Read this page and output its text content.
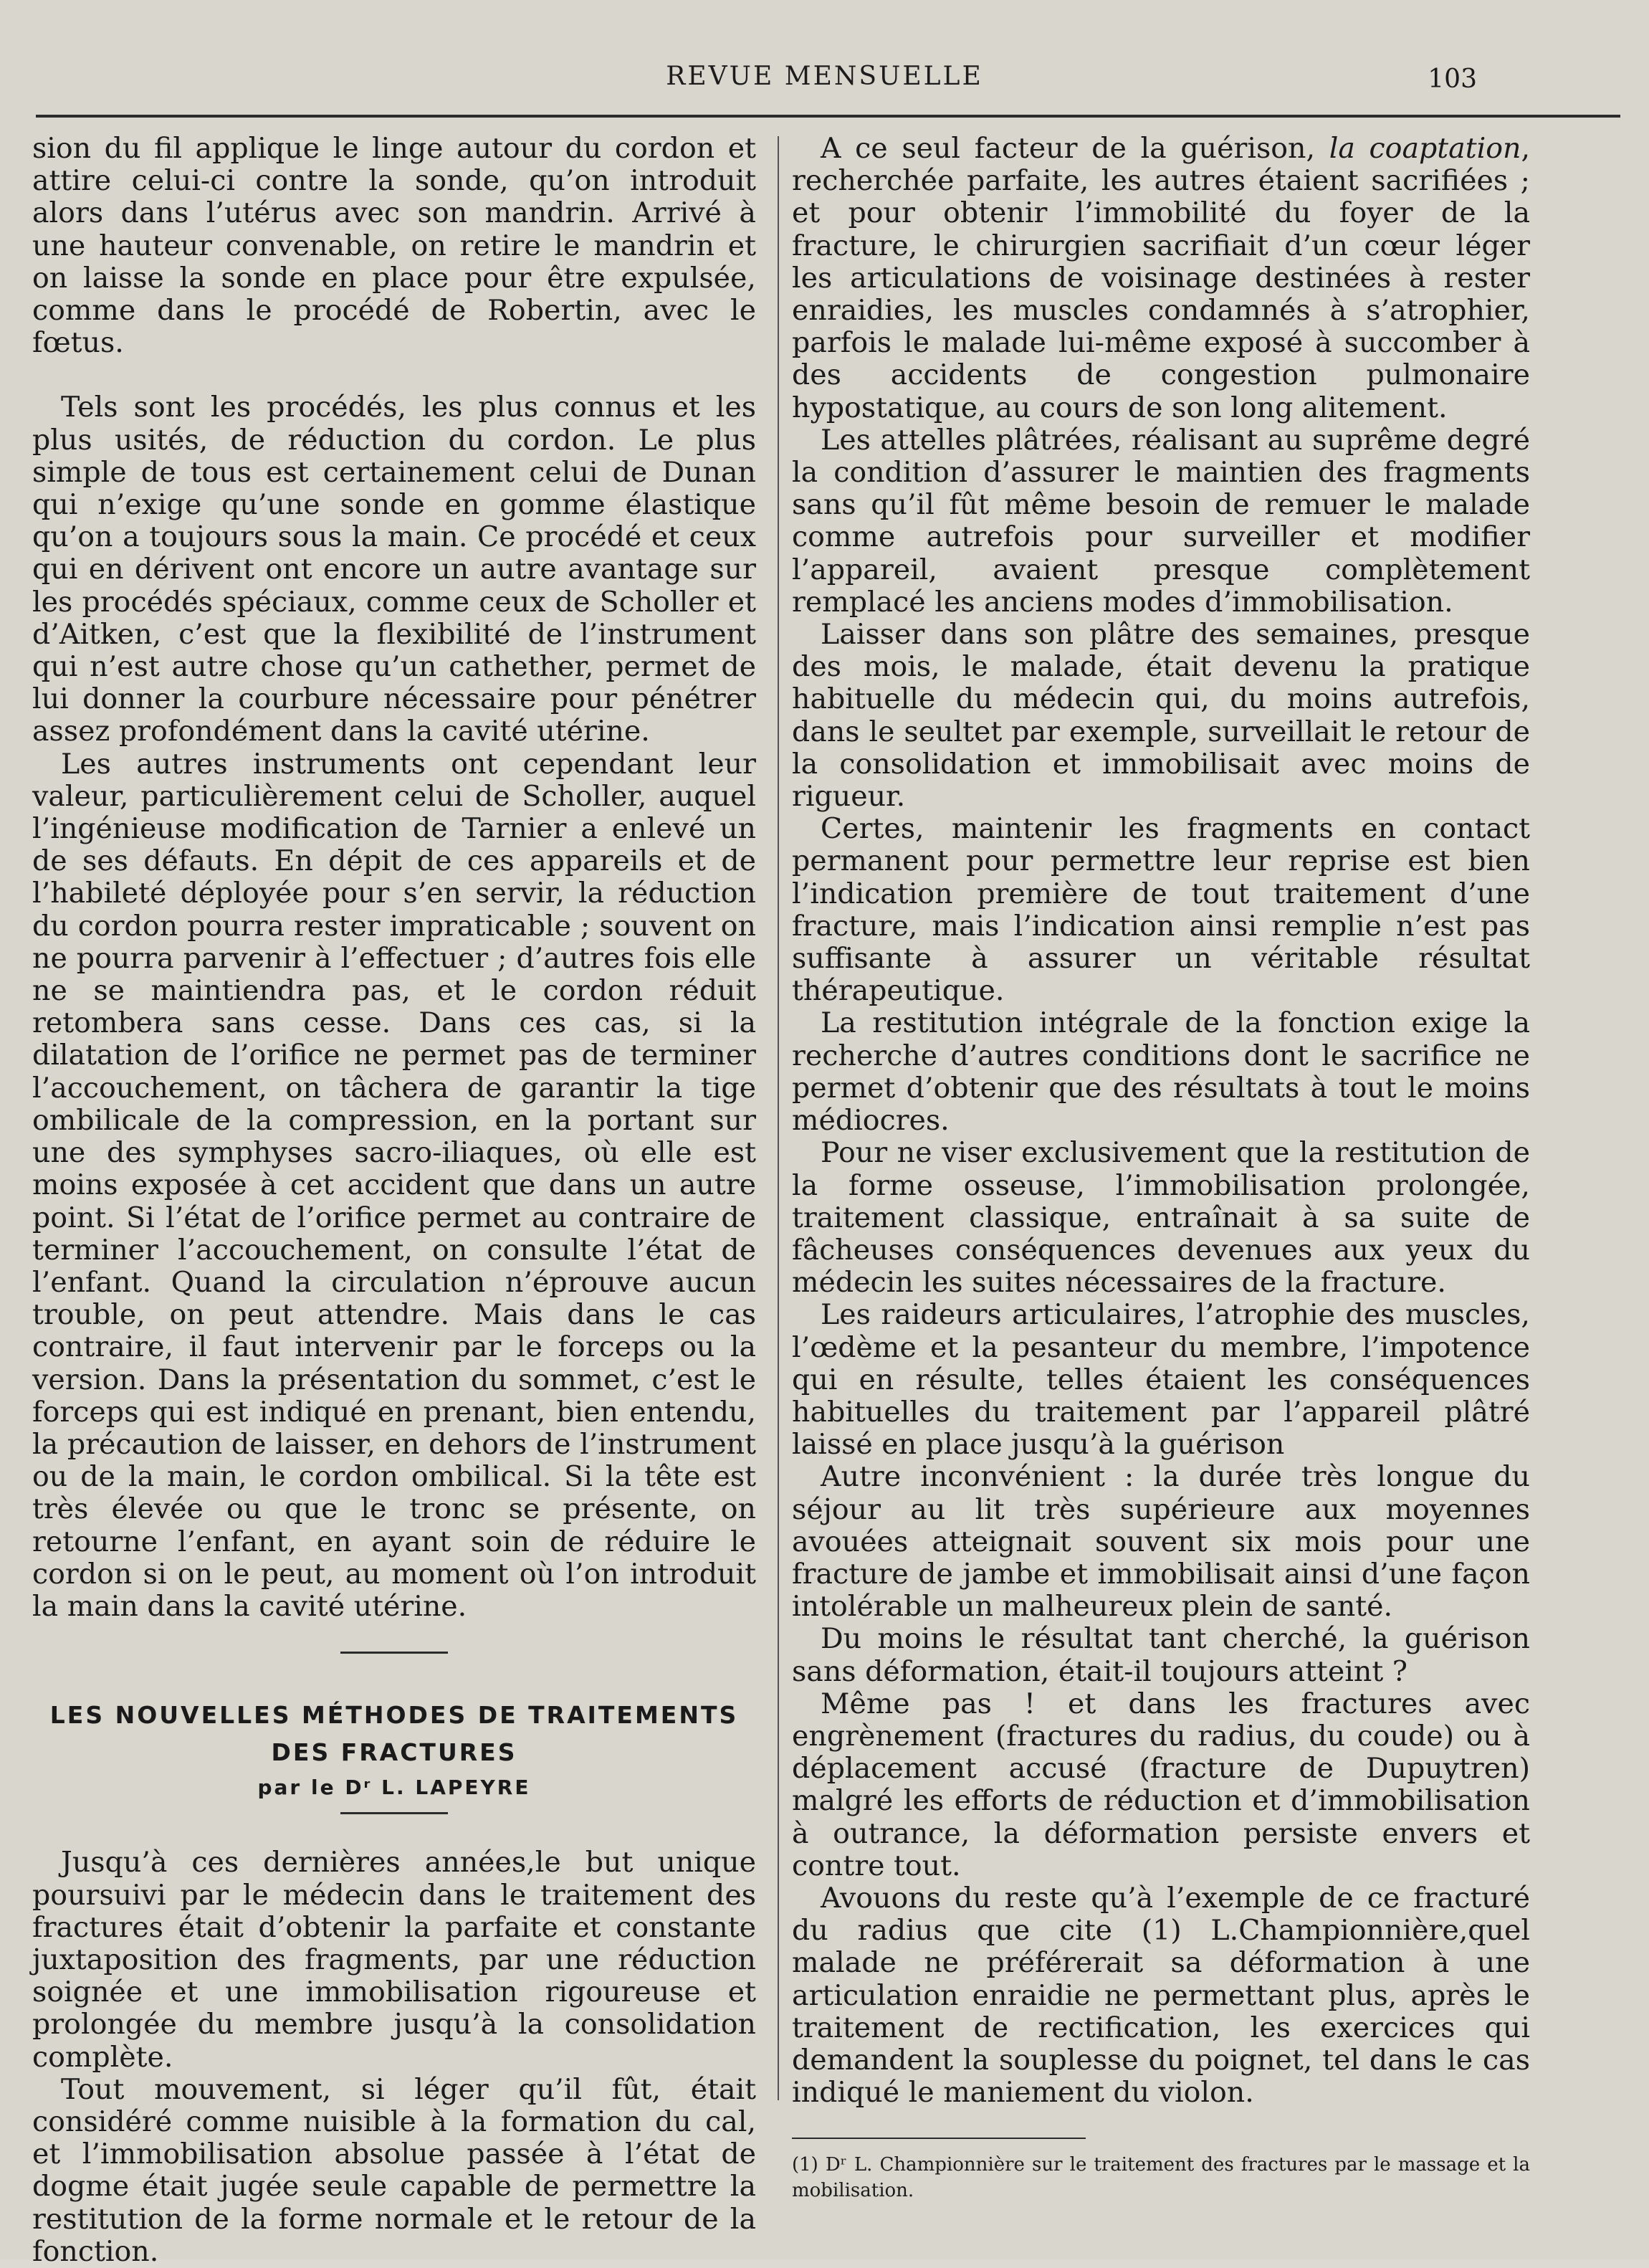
REVUE MENSUELLE	103

sion du fil applique le linge autour du cordon et attire celui-ci contre la sonde, qu’on introduit alors dans l’utérus avec son mandrin. Arrivé à une hauteur convenable, on retire le mandrin et on laisse la sonde en place pour être expulsée, comme dans le procédé de Robertin, avec le fœtus.

Tels sont les procédés, les plus connus et les plus usités, de réduction du cordon. Le plus simple de tous est certainement celui de Dunan qui n’exige qu’une sonde en gomme élastique qu’on a toujours sous la main. Ce procédé et ceux qui en dérivent ont encore un autre avantage sur les procédés spéciaux, comme ceux de Scholler et d’Aitken, c’est que la flexibilité de l’instrument qui n’est autre chose qu’un cathether, permet de lui donner la courbure nécessaire pour pénétrer assez profondément dans la cavité utérine.

Les autres instruments ont cependant leur valeur, particulièrement celui de Scholler, auquel l’ingénieuse modification de Tarnier a enlevé un de ses défauts. En dépit de ces appareils et de l’habileté déployée pour s’en servir, la réduction du cordon pourra rester impraticable ; souvent on ne pourra parvenir à l’effectuer ; d’autres fois elle ne se maintiendra pas, et le cordon réduit retombera sans cesse. Dans ces cas, si la dilatation de l’orifice ne permet pas de terminer l’accouchement, on tâchera de garantir la tige ombilicale de la compression, en la portant sur une des symphyses sacro-iliaques, où elle est moins exposée à cet accident que dans un autre point. Si l’état de l’orifice permet au contraire de terminer l’accouchement, on consulte l’état de l’enfant. Quand la circulation n’éprouve aucun trouble, on peut attendre. Mais dans le cas contraire, il faut intervenir par le forceps ou la version. Dans la présentation du sommet, c’est le forceps qui est indiqué en prenant, bien entendu, la précaution de laisser, en dehors de l’instrument ou de la main, le cordon ombilical. Si la tête est très élevée ou que le tronc se présente, on retourne l’enfant, en ayant soin de réduire le cordon si on le peut, au moment où l’on introduit la main dans la cavité utérine.

LES NOUVELLES MÉTHODES DE TRAITEMENTS

DES FRACTURES

par le Dʳ L. LAPEYRE

Jusqu’à ces dernières années,le but unique poursuivi par le médecin dans le traitement des fractures était d’obtenir la parfaite et constante juxtaposition des fragments, par une réduction soignée et une immobilisation rigoureuse et prolongée du membre jusqu’à la consolidation complète.

Tout mouvement, si léger qu’il fût, était considéré comme nuisible à la formation du cal, et l’immobilisation absolue passée à l’état de dogme était jugée seule capable de permettre la restitution de la forme normale et le retour de la fonction.

A ce seul facteur de la guérison, la coaptation, recherchée parfaite, les autres étaient sacrifiées ; et pour obtenir l’immobilité du foyer de la fracture, le chirurgien sacrifiait d’un cœur léger les articulations de voisinage destinées à rester enraidies, les muscles condamnés à s’atrophier, parfois le malade lui-même exposé à succomber à des accidents de congestion pulmonaire hypostatique, au cours de son long alitement.

Les attelles plâtrées, réalisant au suprême degré la condition d’assurer le maintien des fragments sans qu’il fût même besoin de remuer le malade comme autrefois pour surveiller et modifier l’appareil, avaient presque complètement remplacé les anciens modes d’immobilisation.

Laisser dans son plâtre des semaines, presque des mois, le malade, était devenu la pratique habituelle du médecin qui, du moins autrefois, dans le seultet par exemple, surveillait le retour de la consolidation et immobilisait avec moins de rigueur.

Certes, maintenir les fragments en contact permanent pour permettre leur reprise est bien l’indication première de tout traitement d’une fracture, mais l’indication ainsi remplie n’est pas suffisante à assurer un véritable résultat thérapeutique.

La restitution intégrale de la fonction exige la recherche d’autres conditions dont le sacrifice ne permet d’obtenir que des résultats à tout le moins médiocres.

Pour ne viser exclusivement que la restitution de la forme osseuse, l’immobilisation prolongée, traitement classique, entraînait à sa suite de fâcheuses conséquences devenues aux yeux du médecin les suites nécessaires de la fracture.

Les raideurs articulaires, l’atrophie des muscles, l’œdème et la pesanteur du membre, l’impotence qui en résulte, telles étaient les conséquences habituelles du traitement par l’appareil plâtré laissé en place jusqu’à la guérison

Autre inconvénient : la durée très longue du séjour au lit très supérieure aux moyennes avouées atteignait souvent six mois pour une fracture de jambe et immobilisait ainsi d’une façon intolérable un malheureux plein de santé.

Du moins le résultat tant cherché, la guérison sans déformation, était-il toujours atteint ?

Même pas ! et dans les fractures avec engrènement (fractures du radius, du coude) ou à déplacement accusé (fracture de Dupuytren) malgré les efforts de réduction et d’immobilisation à outrance, la déformation persiste envers et contre tout.

Avouons du reste qu’à l’exemple de ce fracturé du radius que cite (1) L.Championnière,quel malade ne préférerait sa déformation à une articulation enraidie ne permettant plus, après le traitement de rectification, les exercices qui demandent la souplesse du poignet, tel dans le cas indiqué le maniement du violon.

(1) Dʳ L. Championnière sur le traitement des fractures par le massage et la mobilisation.
